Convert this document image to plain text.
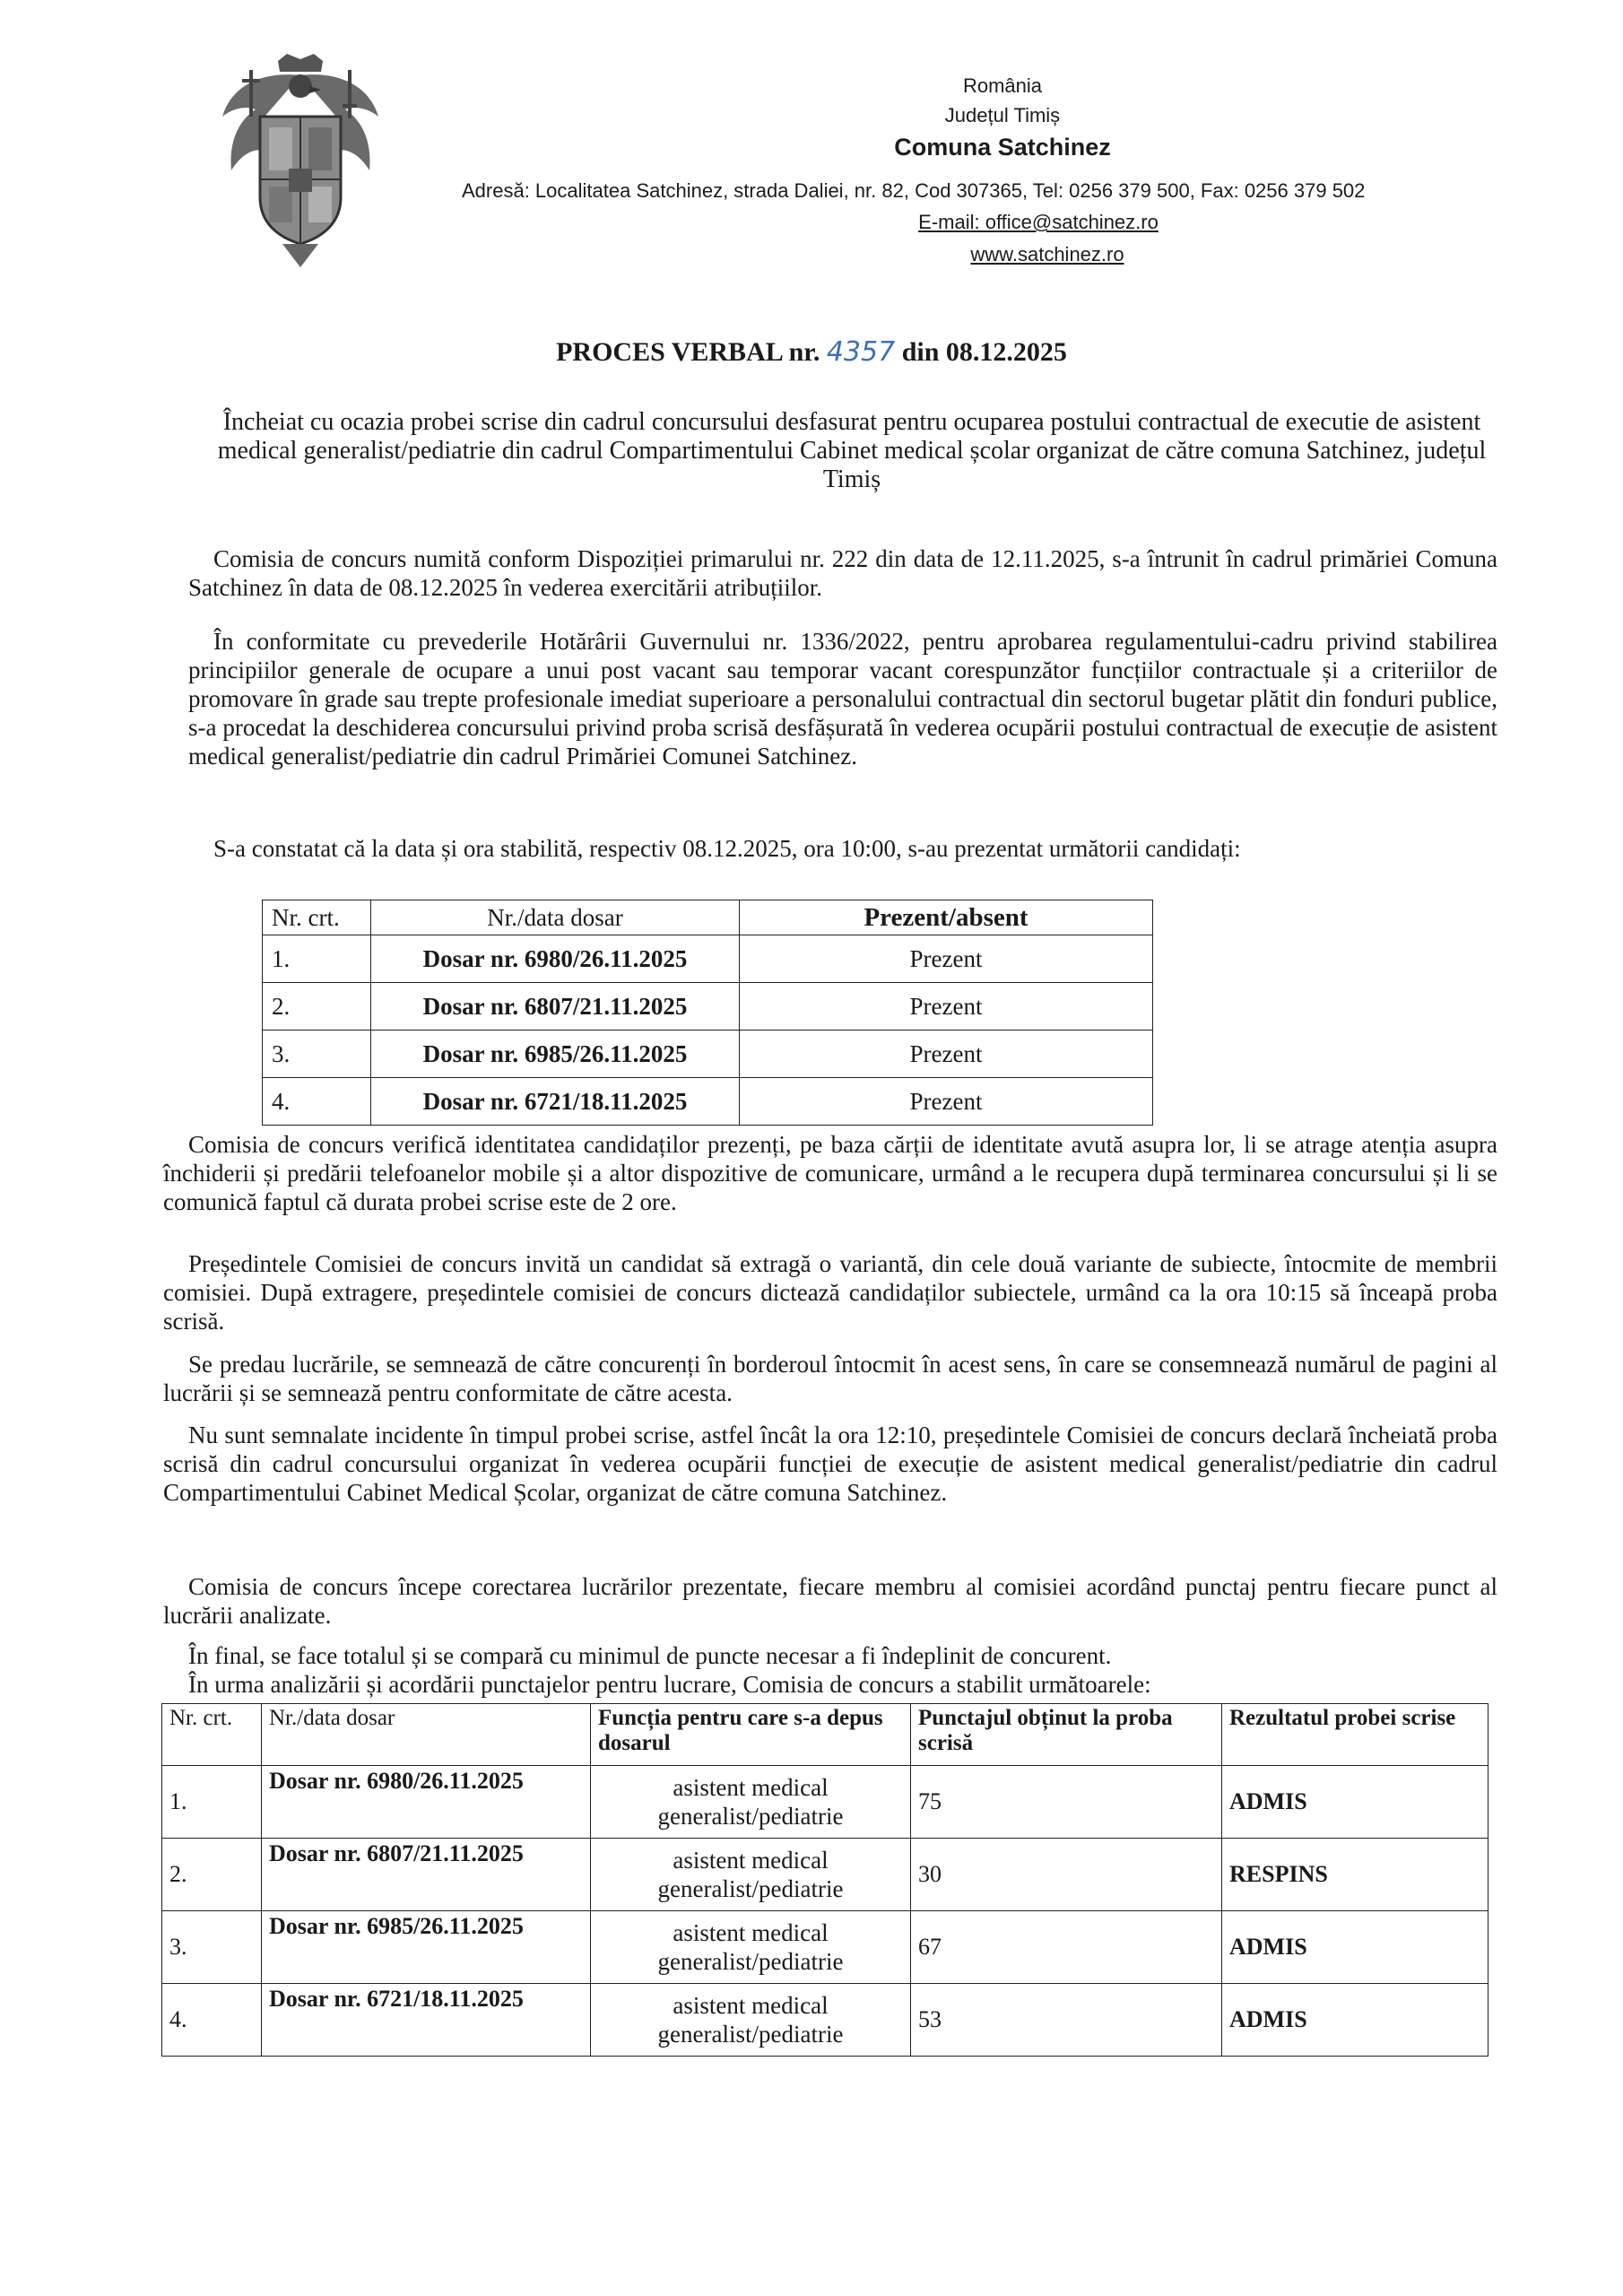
România
Județul Timiș
Comuna Satchinez
Adresă: Localitatea Satchinez, strada Daliei, nr. 82, Cod 307365, Tel: 0256 379 500, Fax: 0256 379 502
E-mail: office@satchinez.ro
www.satchinez.ro
PROCES VERBAL nr. 4357 din 08.12.2025
Încheiat cu ocazia probei scrise din cadrul concursului desfasurat pentru ocuparea postului contractual de executie de asistent medical generalist/pediatrie din cadrul Compartimentului Cabinet medical școlar organizat de către comuna Satchinez, județul Timiș
Comisia de concurs numită conform Dispoziției primarului nr. 222 din data de 12.11.2025, s-a întrunit în cadrul primăriei Comuna Satchinez în data de 08.12.2025 în vederea exercitării atribuțiilor.
În conformitate cu prevederile Hotărârii Guvernului nr. 1336/2022, pentru aprobarea regulamentului-cadru privind stabilirea principiilor generale de ocupare a unui post vacant sau temporar vacant corespunzător funcțiilor contractuale și a criteriilor de promovare în grade sau trepte profesionale imediat superioare a personalului contractual din sectorul bugetar plătit din fonduri publice, s-a procedat la deschiderea concursului privind proba scrisă desfășurată în vederea ocupării postului contractual de execuție de asistent medical generalist/pediatrie din cadrul Primăriei Comunei Satchinez.
S-a constatat că la data și ora stabilită, respectiv 08.12.2025, ora 10:00, s-au prezentat următorii candidați:
Nr. crt.	Nr./data dosar	Prezent/absent
1.	Dosar nr. 6980/26.11.2025	Prezent
2.	Dosar nr. 6807/21.11.2025	Prezent
3.	Dosar nr. 6985/26.11.2025	Prezent
4.	Dosar nr. 6721/18.11.2025	Prezent
Comisia de concurs verifică identitatea candidaților prezenți, pe baza cărții de identitate avută asupra lor, li se atrage atenția asupra închiderii și predării telefoanelor mobile și a altor dispozitive de comunicare, urmând a le recupera după terminarea concursului și li se comunică faptul că durata probei scrise este de 2 ore.
Președintele Comisiei de concurs invită un candidat să extragă o variantă, din cele două variante de subiecte, întocmite de membrii comisiei. După extragere, președintele comisiei de concurs dictează candidaților subiectele, urmând ca la ora 10:15 să înceapă proba scrisă.
Se predau lucrările, se semnează de către concurenți în borderoul întocmit în acest sens, în care se consemnează numărul de pagini al lucrării și se semnează pentru conformitate de către acesta.
Nu sunt semnalate incidente în timpul probei scrise, astfel încât la ora 12:10, președintele Comisiei de concurs declară încheiată proba scrisă din cadrul concursului organizat în vederea ocupării funcției de execuție de asistent medical generalist/pediatrie din cadrul Compartimentului Cabinet Medical Școlar, organizat de către comuna Satchinez.
Comisia de concurs începe corectarea lucrărilor prezentate, fiecare membru al comisiei acordând punctaj pentru fiecare punct al lucrării analizate.
În final, se face totalul și se compară cu minimul de puncte necesar a fi îndeplinit de concurent.
În urma analizării și acordării punctajelor pentru lucrare, Comisia de concurs a stabilit următoarele:
Nr. crt.	Nr./data dosar	Funcția pentru care s-a depus dosarul	Punctajul obținut la proba scrisă	Rezultatul probei scrise
1.	Dosar nr. 6980/26.11.2025	asistent medical generalist/pediatrie	75	ADMIS
2.	Dosar nr. 6807/21.11.2025	asistent medical generalist/pediatrie	30	RESPINS
3.	Dosar nr. 6985/26.11.2025	asistent medical generalist/pediatrie	67	ADMIS
4.	Dosar nr. 6721/18.11.2025	asistent medical generalist/pediatrie	53	ADMIS
